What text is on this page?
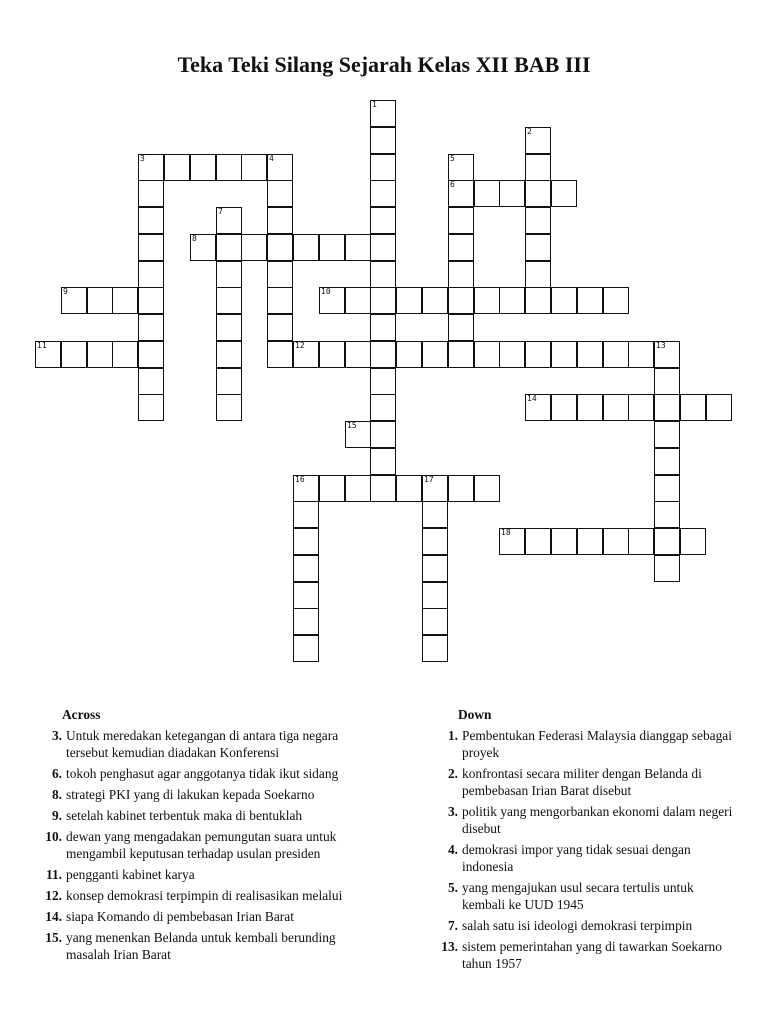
Teka Teki Silang Sejarah Kelas XII BAB III
1
2
3	4	5
6
7
8
9	10
11	12	13
14
15
16	17
18
Across
3. Untuk meredakan ketegangan di antara tiga negara tersebut kemudian diadakan Konferensi
6. tokoh penghasut agar anggotanya tidak ikut sidang
8. strategi PKI yang di lakukan kepada Soekarno
9. setelah kabinet terbentuk maka di bentuklah
10. dewan yang mengadakan pemungutan suara untuk mengambil keputusan terhadap usulan presiden
11. pengganti kabinet karya
12. konsep demokrasi terpimpin di realisasikan melalui
14. siapa Komando di pembebasan Irian Barat
15. yang menenkan Belanda untuk kembali berunding masalah Irian Barat
Down
1. Pembentukan Federasi Malaysia dianggap sebagai proyek
2. konfrontasi secara militer dengan Belanda di pembebasan Irian Barat disebut
3. politik yang mengorbankan ekonomi dalam negeri disebut
4. demokrasi impor yang tidak sesuai dengan indonesia
5. yang mengajukan usul secara tertulis untuk kembali ke UUD 1945
7. salah satu isi ideologi demokrasi terpimpin
13. sistem pemerintahan yang di tawarkan Soekarno tahun 1957
